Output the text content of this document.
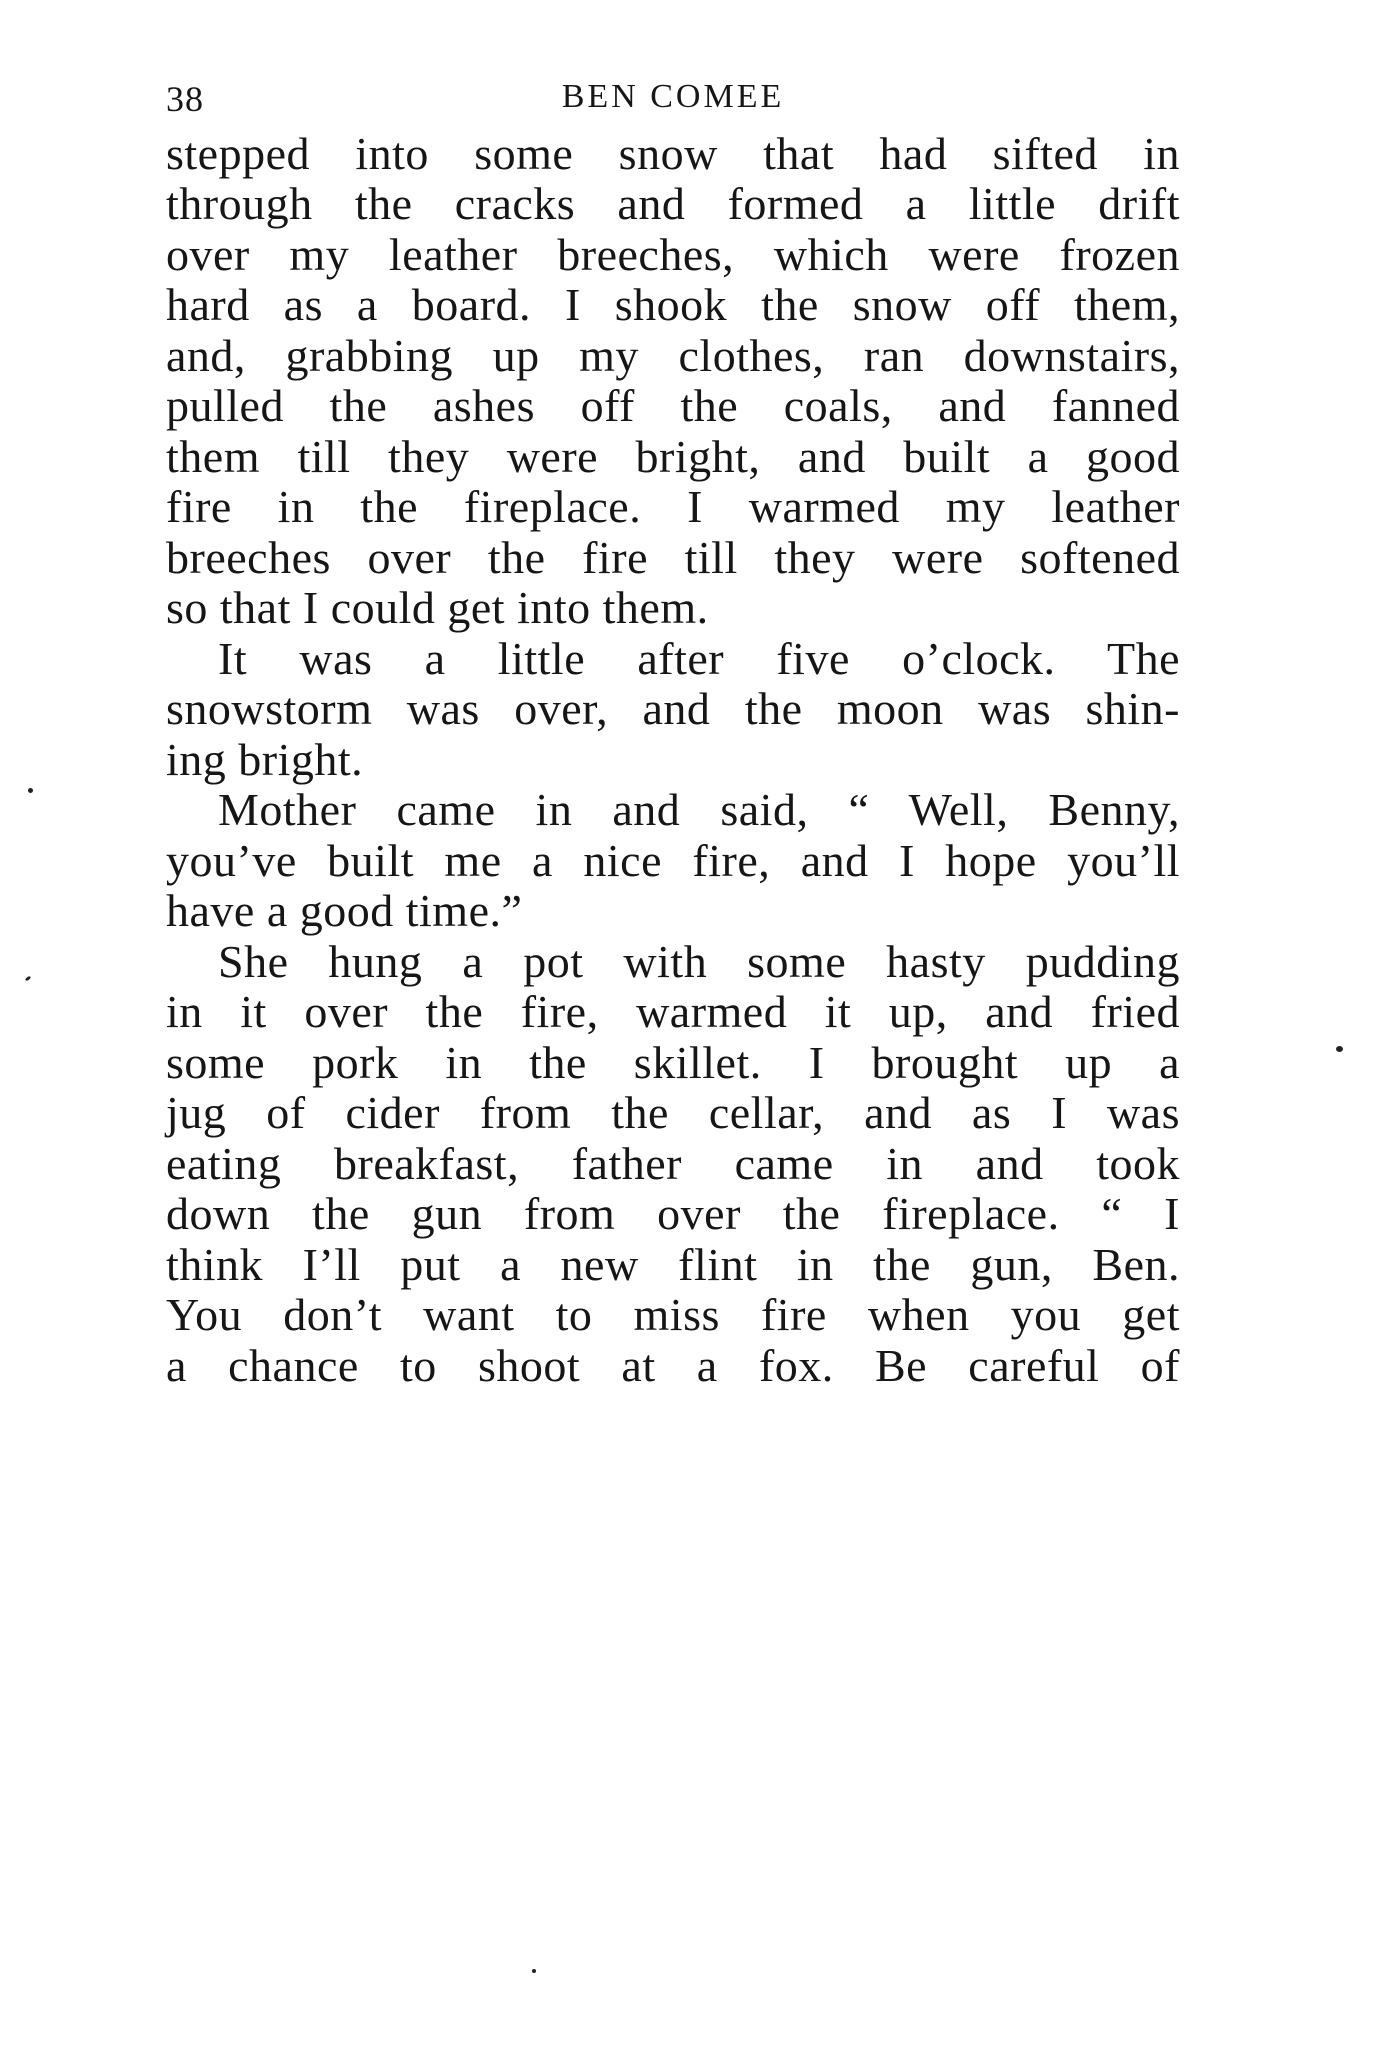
38	BEN COMEE
stepped into some snow that had sifted in
through the cracks and formed a little drift
over my leather breeches, which were frozen
hard as a board. I shook the snow off them,
and, grabbing up my clothes, ran downstairs,
pulled the ashes off the coals, and fanned
them till they were bright, and built a good
fire in the fireplace. I warmed my leather
breeches over the fire till they were softened
so that I could get into them.
It was a little after five o’clock. The
snowstorm was over, and the moon was shin-
ing bright.
Mother came in and said, “ Well, Benny,
you’ve built me a nice fire, and I hope you’ll
have a good time.”
She hung a pot with some hasty pudding
in it over the fire, warmed it up, and fried
some pork in the skillet. I brought up a
jug of cider from the cellar, and as I was
eating breakfast, father came in and took
down the gun from over the fireplace. “ I
think I’ll put a new flint in the gun, Ben.
You don’t want to miss fire when you get
a chance to shoot at a fox. Be careful of
